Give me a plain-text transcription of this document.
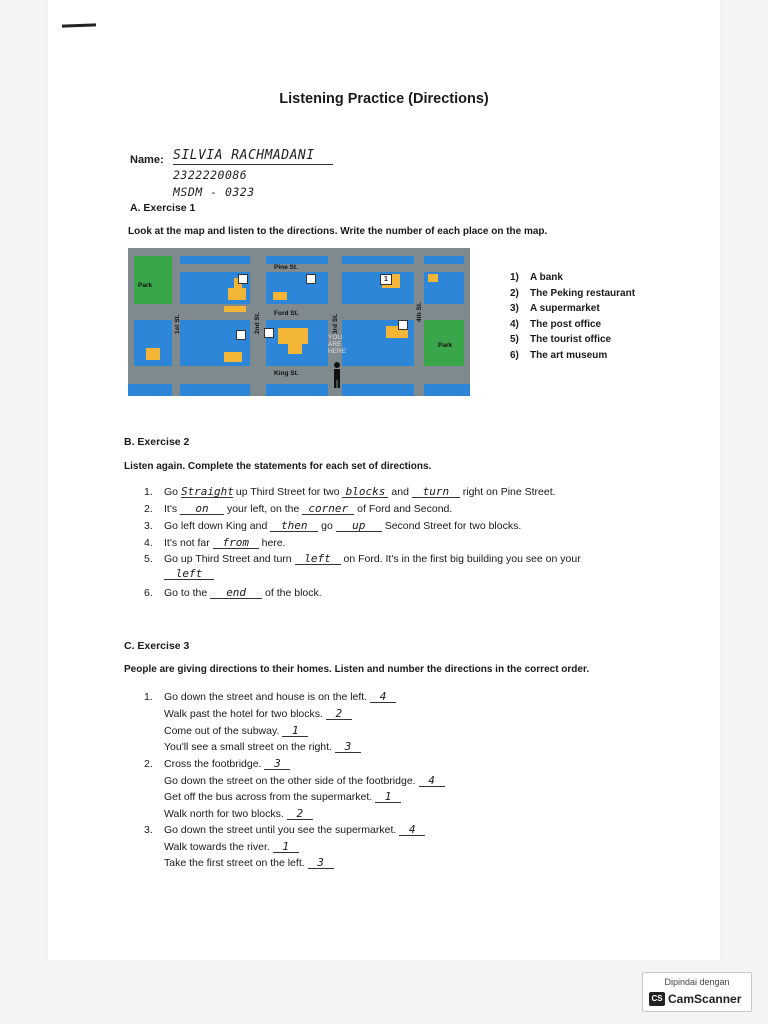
Listening Practice (Directions)
Name: SILVIA RACHMADANI
2322220086
MSDM - 0323
A. Exercise 1
Look at the map and listen to the directions. Write the number of each place on the map.
1
Pine St.
Ford St.
King St.
1st St.	2nd St.	3rd St.
4th St.
Park
Park
YOU
ARE
HERE
1) A bank
2) The Peking restaurant
3) A supermarket
4) The post office
5) The tourist office
6) The art museum
B. Exercise 2
Listen again. Complete the statements for each set of directions.
1. Go Straight up Third Street for two blocks and turn right on Pine Street.
2. It's on your left, on the corner of Ford and Second.
3. Go left down King and then go up Second Street for two blocks.
4. It's not far from here.
5. Go up Third Street and turn left on Ford. It's in the first big building you see on your
left
6. Go to the end of the block.
C. Exercise 3
People are giving directions to their homes. Listen and number the directions in the correct order.
1. Go down the street and house is on the left. 4
Walk past the hotel for two blocks. 2
Come out of the subway. 1
You'll see a small street on the right. 3
2. Cross the footbridge. 3
Go down the street on the other side of the footbridge. 4
Get off the bus across from the supermarket. 1
Walk north for two blocks. 2
3. Go down the street until you see the supermarket. 4
Walk towards the river. 1
Take the first street on the left. 3
Dipindai dengan
CS CamScanner
